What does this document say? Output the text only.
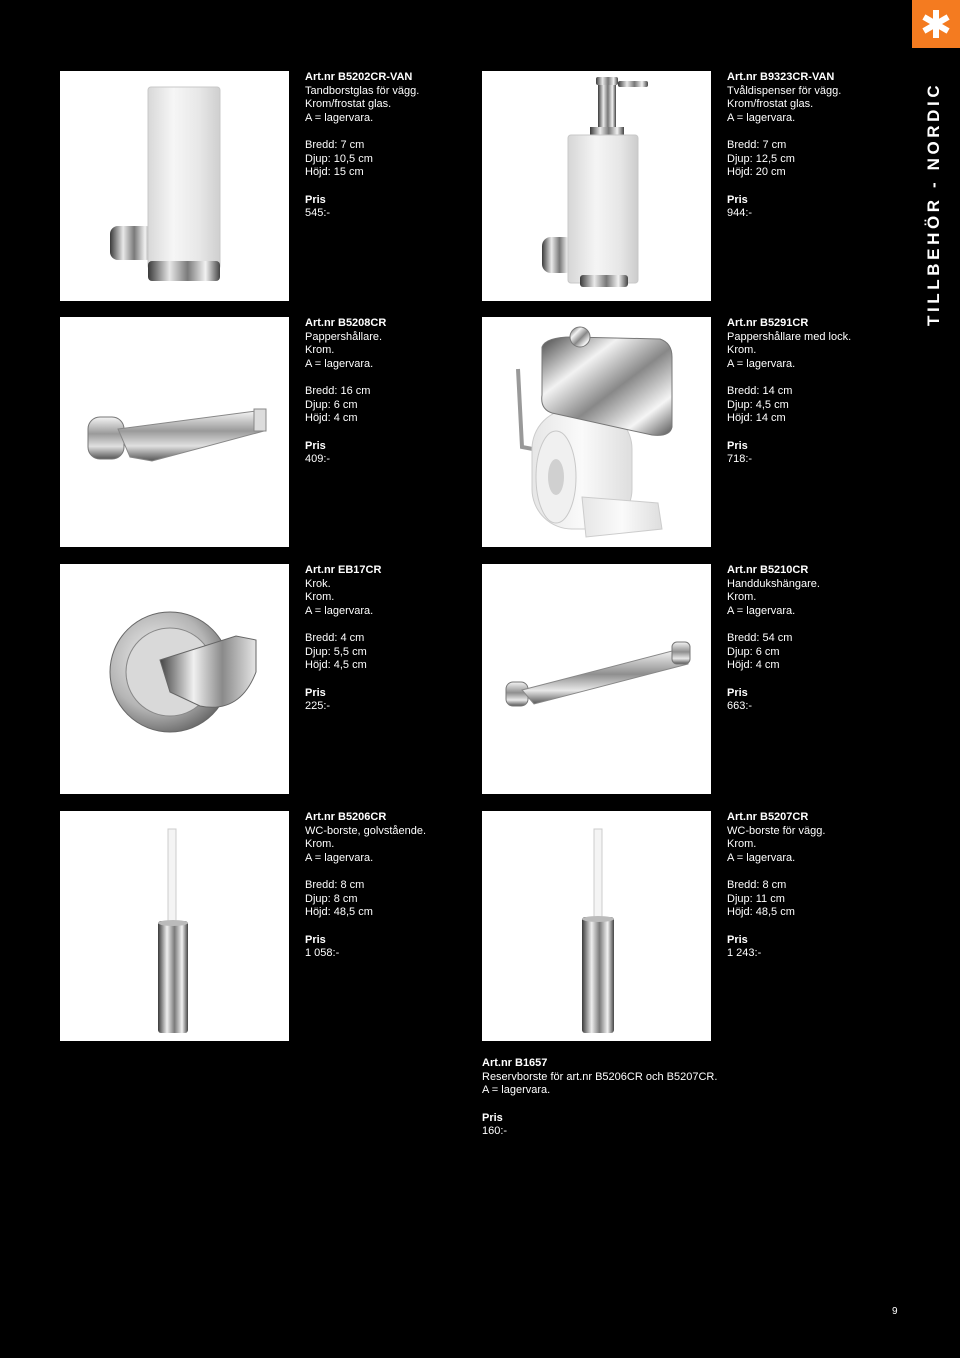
TILLBEHÖR - NORDIC
Art.nr B5202CR-VAN
Tandborstglas för vägg.
Krom/frostat glas.
A = lagervara.
Bredd: 7 cm
Djup: 10,5 cm
Höjd: 15 cm
Pris
545:-
Art.nr B9323CR-VAN
Tvåldispenser för vägg.
Krom/frostat glas.
A = lagervara.
Bredd: 7 cm
Djup: 12,5 cm
Höjd: 20 cm
Pris
944:-
Art.nr B5208CR
Pappershållare.
Krom.
A = lagervara.
Bredd: 16 cm
Djup: 6 cm
Höjd: 4 cm
Pris
409:-
Art.nr B5291CR
Pappershållare med lock.
Krom.
A = lagervara.
Bredd: 14 cm
Djup: 4,5 cm
Höjd: 14 cm
Pris
718:-
Art.nr EB17CR
Krok.
Krom.
A = lagervara.
Bredd: 4 cm
Djup: 5,5 cm
Höjd: 4,5 cm
Pris
225:-
Art.nr B5210CR
Handdukshängare.
Krom.
A = lagervara.
Bredd: 54 cm
Djup: 6 cm
Höjd: 4 cm
Pris
663:-
Art.nr B5206CR
WC-borste, golvstående.
Krom.
A = lagervara.
Bredd: 8 cm
Djup: 8 cm
Höjd: 48,5 cm
Pris
1 058:-
Art.nr B5207CR
WC-borste för vägg.
Krom.
A = lagervara.
Bredd: 8 cm
Djup: 11 cm
Höjd: 48,5 cm
Pris
1 243:-
Art.nr B1657
Reservborste för art.nr B5206CR och B5207CR.
A = lagervara.
Pris
160:-
9
